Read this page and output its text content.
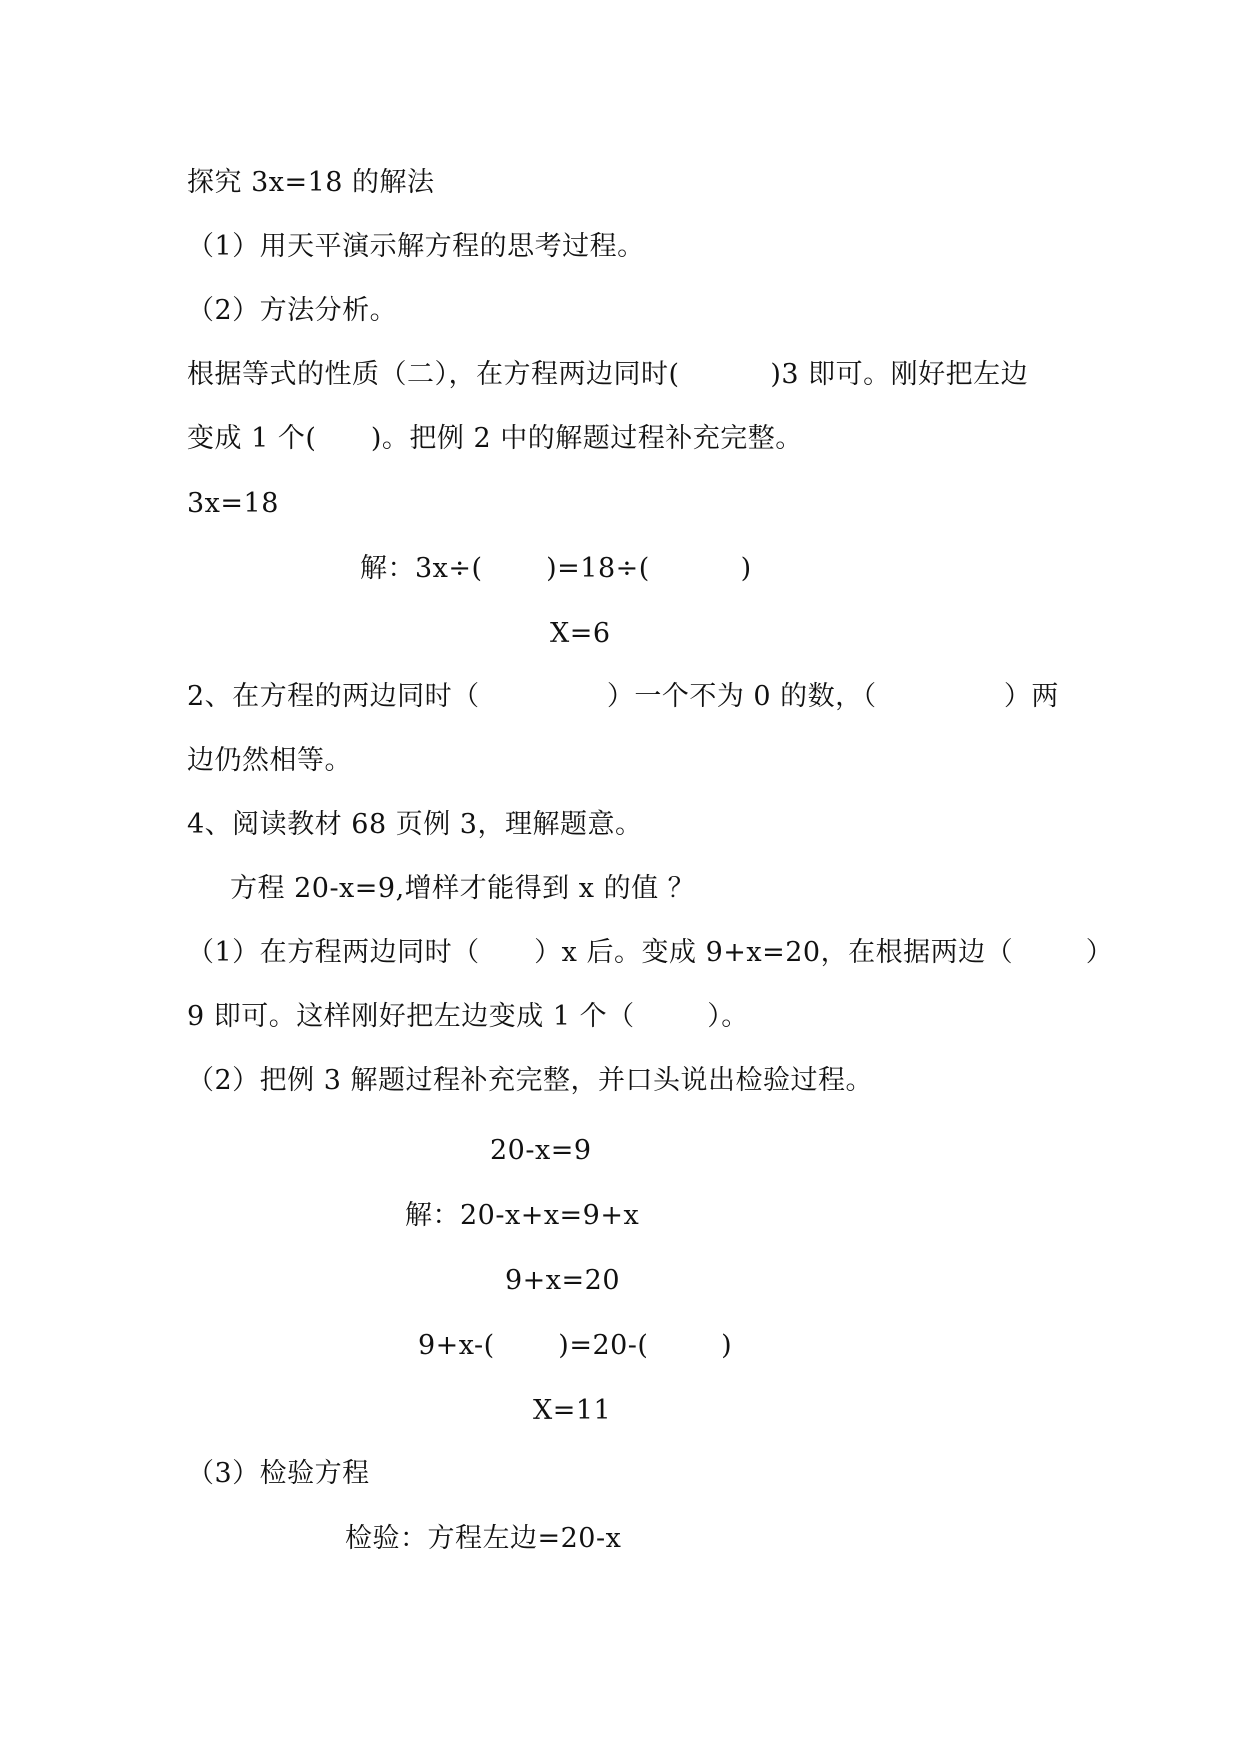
探究 3x=18 的解法
（1）用天平演示解方程的思考过程。
（2）方法分析。
根据等式的性质（二），在方程两边同时(          )3 即可。刚好把左边
变成 1 个(      )。把例 2 中的解题过程补充完整。
3x=18
解：3x÷(       )=18÷(          )
X=6
2、在方程的两边同时（              ）一个不为 0 的数，（              ）两
边仍然相等。
4、阅读教材 68 页例 3，理解题意。
方程 20-x=9,增样才能得到 x 的值 ？
（1）在方程两边同时（      ）x 后。变成 9+x=20，在根据两边（        ）
9 即可。这样刚好把左边变成 1 个（        ）。
（2）把例 3 解题过程补充完整，并口头说出检验过程。
20-x=9
解：20-x+x=9+x
9+x=20
9+x-(       )=20-(        )
X=11
（3）检验方程
检验：方程左边=20-x
